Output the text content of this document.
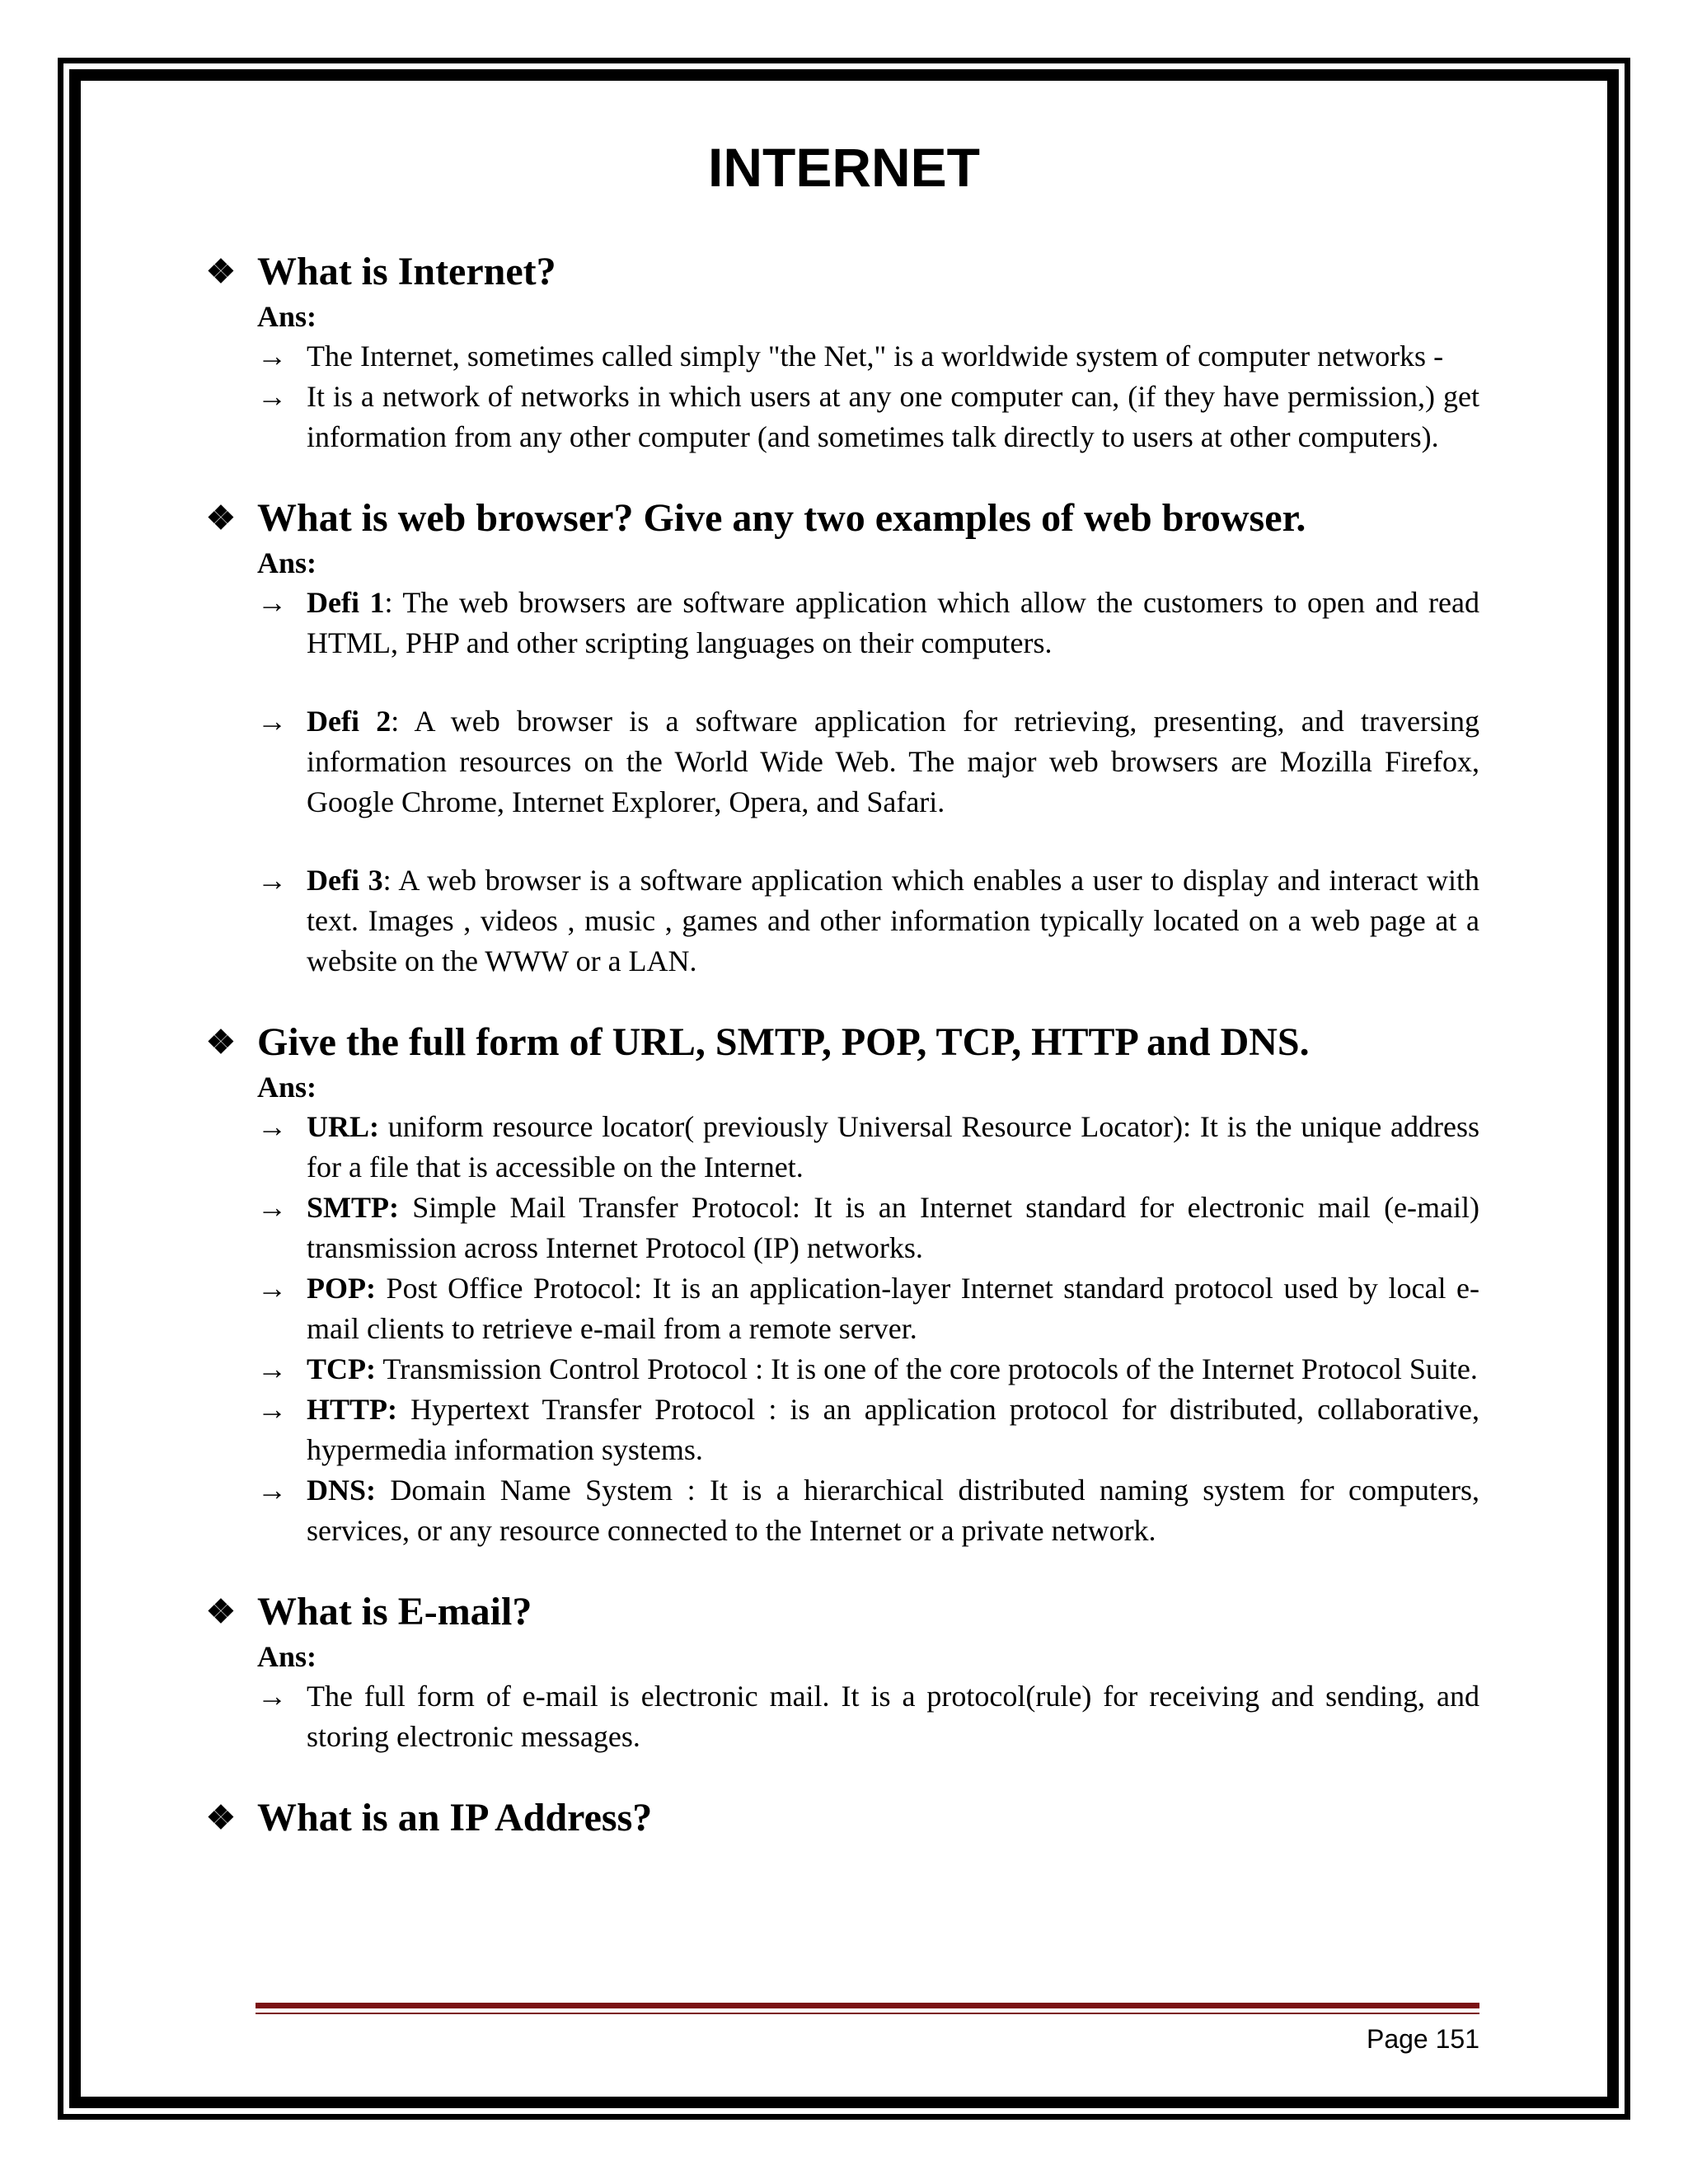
INTERNET
❖ What is Internet?
Ans:
→ The Internet, sometimes called simply "the Net," is a worldwide system of computer networks -
→ It is a network of networks in which users at any one computer can, (if they have permission,) get information from any other computer (and sometimes talk directly to users at other computers).
❖ What is web browser? Give any two examples of web browser.
Ans:
→ Defi 1: The web browsers are software application which allow the customers to open and read HTML, PHP and other scripting languages on their computers.
→ Defi 2: A web browser is a software application for retrieving, presenting, and traversing information resources on the World Wide Web. The major web browsers are Mozilla Firefox, Google Chrome, Internet Explorer, Opera, and Safari.
→ Defi 3: A web browser is a software application which enables a user to display and interact with text. Images , videos , music , games and other information typically located on a web page at a website on the WWW or a LAN.
❖ Give the full form of URL, SMTP, POP, TCP, HTTP and DNS.
Ans:
→ URL: uniform resource locator( previously Universal Resource Locator): It is the unique address for a file that is accessible on the Internet.
→ SMTP: Simple Mail Transfer Protocol: It is an Internet standard for electronic mail (e-mail) transmission across Internet Protocol (IP) networks.
→ POP: Post Office Protocol: It is an application-layer Internet standard protocol used by local e-mail clients to retrieve e-mail from a remote server.
→ TCP: Transmission Control Protocol : It is one of the core protocols of the Internet Protocol Suite.
→ HTTP: Hypertext Transfer Protocol : is an application protocol for distributed, collaborative, hypermedia information systems.
→ DNS: Domain Name System : It is a hierarchical distributed naming system for computers, services, or any resource connected to the Internet or a private network.
❖ What is E-mail?
Ans:
→ The full form of e-mail is electronic mail. It is a protocol(rule) for receiving and sending, and storing electronic messages.
❖ What is an IP Address?
Page 151
